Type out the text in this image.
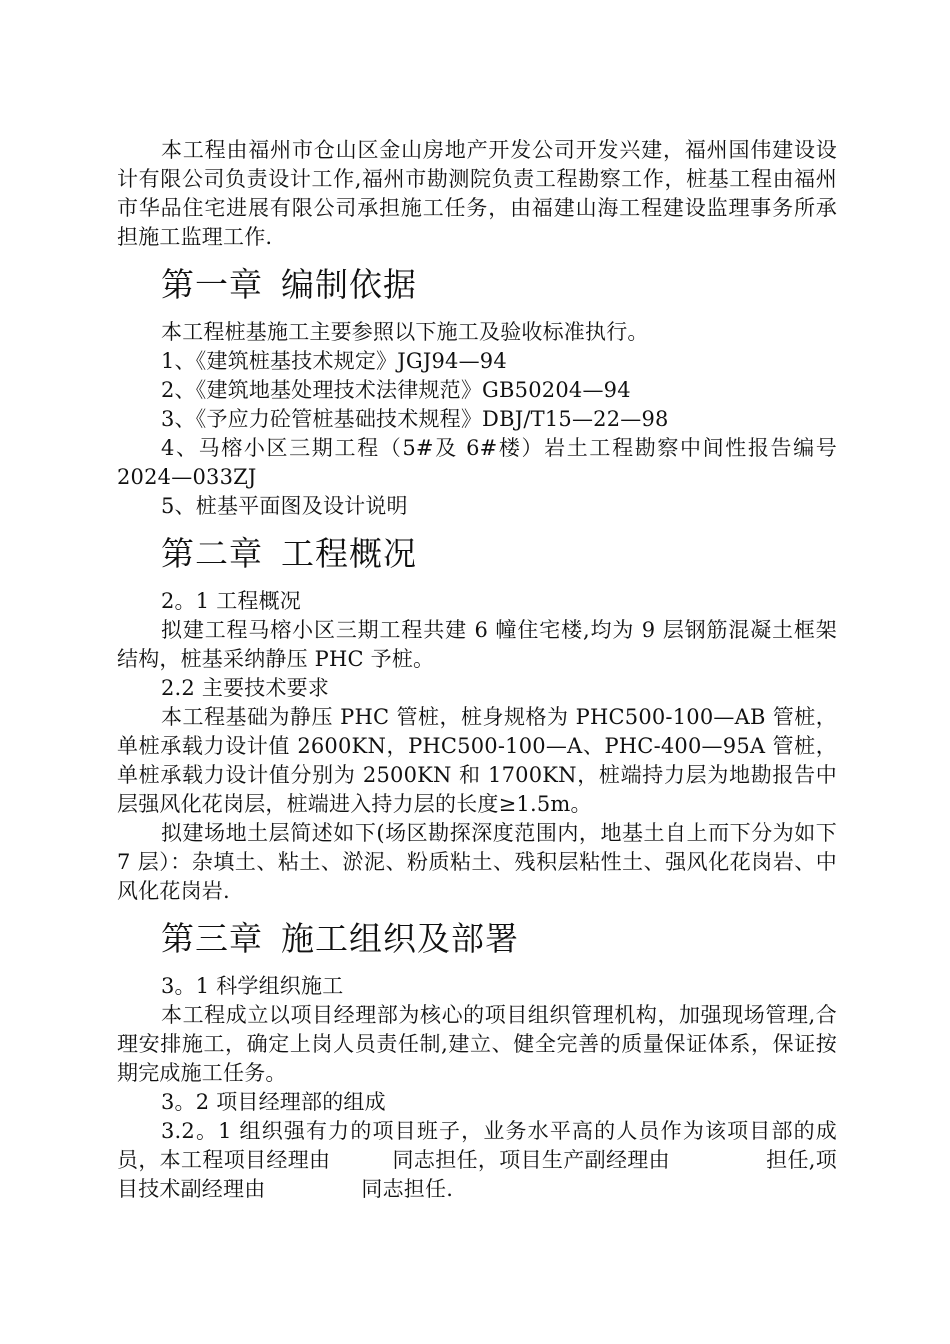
本工程由福州市仓山区金山房地产开发公司开发兴建，福州国伟建设设计有限公司负责设计工作,福州市勘测院负责工程勘察工作，桩基工程由福州市华品住宅进展有限公司承担施工任务，由福建山海工程建设监理事务所承担施工监理工作.

第一章 编制依据

本工程桩基施工主要参照以下施工及验收标准执行。

1、《建筑桩基技术规定》JGJ94—94

2、《建筑地基处理技术法律规范》GB50204—94

3、《予应力砼管桩基础技术规程》DBJ/T15—22—98

4、马榕小区三期工程（5#及 6#楼）岩土工程勘察中间性报告编号 2024—033ZJ

5、桩基平面图及设计说明

第二章 工程概况

2。1 工程概况

拟建工程马榕小区三期工程共建 6 幢住宅楼,均为 9 层钢筋混凝土框架结构，桩基采纳静压 PHC 予桩。

2.2 主要技术要求

本工程基础为静压 PHC 管桩，桩身规格为 PHC500-100—AB 管桩，单桩承载力设计值 2600KN，PHC500-100—A、PHC-400—95A 管桩，单桩承载力设计值分别为 2500KN 和 1700KN，桩端持力层为地勘报告中层强风化花岗层，桩端进入持力层的长度≥1.5m。

拟建场地土层简述如下(场区勘探深度范围内，地基土自上而下分为如下 7 层）：杂填土、粘土、淤泥、粉质粘土、残积层粘性土、强风化花岗岩、中风化花岗岩.

第三章 施工组织及部署

3。1 科学组织施工

本工程成立以项目经理部为核心的项目组织管理机构，加强现场管理,合理安排施工，确定上岗人员责任制,建立、健全完善的质量保证体系，保证按期完成施工任务。

3。2 项目经理部的组成

3.2。1 组织强有力的项目班子，业务水平高的人员作为该项目部的成员，本工程项目经理由	同志担任，项目生产副经理由	担任,项目技术副经理由	同志担任.
